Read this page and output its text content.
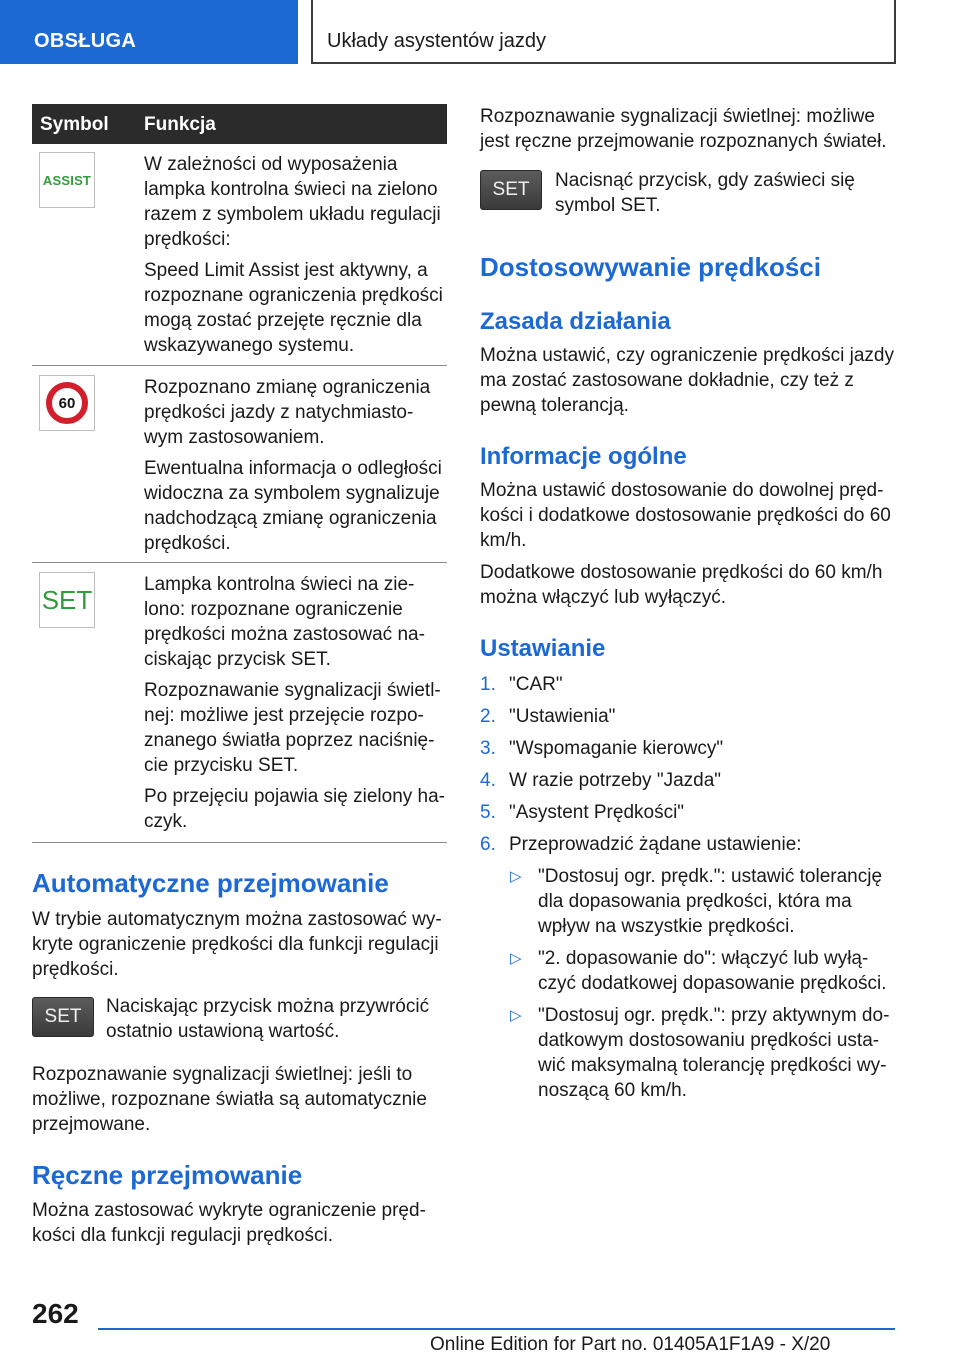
OBSŁUGA	Układy asystentów jazdy
Symbol Funkcja
ASSIST

W zależności od wyposażenia lampka kontrolna świeci na zielono razem z symbolem układu regulacji prędkości:

Speed Limit Assist jest aktywny, a rozpoznane ograniczenia prędkości mogą zostać przejęte ręcznie dla wskazywanego systemu.

60

Rozpoznano zmianę ograniczenia prędkości jazdy z natychmiasto-wym zastosowaniem.

Ewentualna informacja o odległości widoczna za symbolem sygnalizuje nadchodzącą zmianę ograniczenia prędkości.

SET	Lampka kontrolna świeci na zie-lono: rozpoznane ograniczenie prędkości można zastosować na-ciskając przycisk SET.

Rozpoznawanie sygnalizacji świetl-nej: możliwe jest przejęcie rozpo-znanego światła poprzez naciśnię-cie przycisku SET.

Po przejęciu pojawia się zielony ha-czyk.

Automatyczne przejmowanie
W trybie automatycznym można zastosować wy-kryte ograniczenie prędkości dla funkcji regulacji prędkości.
SET Naciskając przycisk można przywrócić ostatnio ustawioną wartość.
Rozpoznawanie sygnalizacji świetlnej: jeśli to możliwe, rozpoznane światła są automatycznie przejmowane.
Ręczne przejmowanie
Można zastosować wykryte ograniczenie pręd-kości dla funkcji regulacji prędkości.
Rozpoznawanie sygnalizacji świetlnej: możliwe jest ręczne przejmowanie rozpoznanych świateł.
SET Nacisnąć przycisk, gdy zaświeci się symbol SET.
Dostosowywanie prędkości
Zasada działania
Można ustawić, czy ograniczenie prędkości jazdy ma zostać zastosowane dokładnie, czy też z pewną tolerancją.
Informacje ogólne
Można ustawić dostosowanie do dowolnej pręd-kości i dodatkowe dostosowanie prędkości do 60 km/h.
Dodatkowe dostosowanie prędkości do 60 km/h można włączyć lub wyłączyć.
Ustawianie
1. "CAR"
2. "Ustawienia"
3. "Wspomaganie kierowcy"
4. W razie potrzeby "Jazda"
5. "Asystent Prędkości"
6. Przeprowadzić żądane ustawienie:
▷ "Dostosuj ogr. prędk.": ustawić tolerancję dla dopasowania prędkości, która ma wpływ na wszystkie prędkości.
▷ "2. dopasowanie do": włączyć lub wyłą-czyć dodatkowej dopasowanie prędkości.
▷ "Dostosuj ogr. prędk.": przy aktywnym do-datkowym dostosowaniu prędkości usta-wić maksymalną tolerancję prędkości wy-noszącą 60 km/h.
262
Online Edition for Part no. 01405A1F1A9 - X/20
